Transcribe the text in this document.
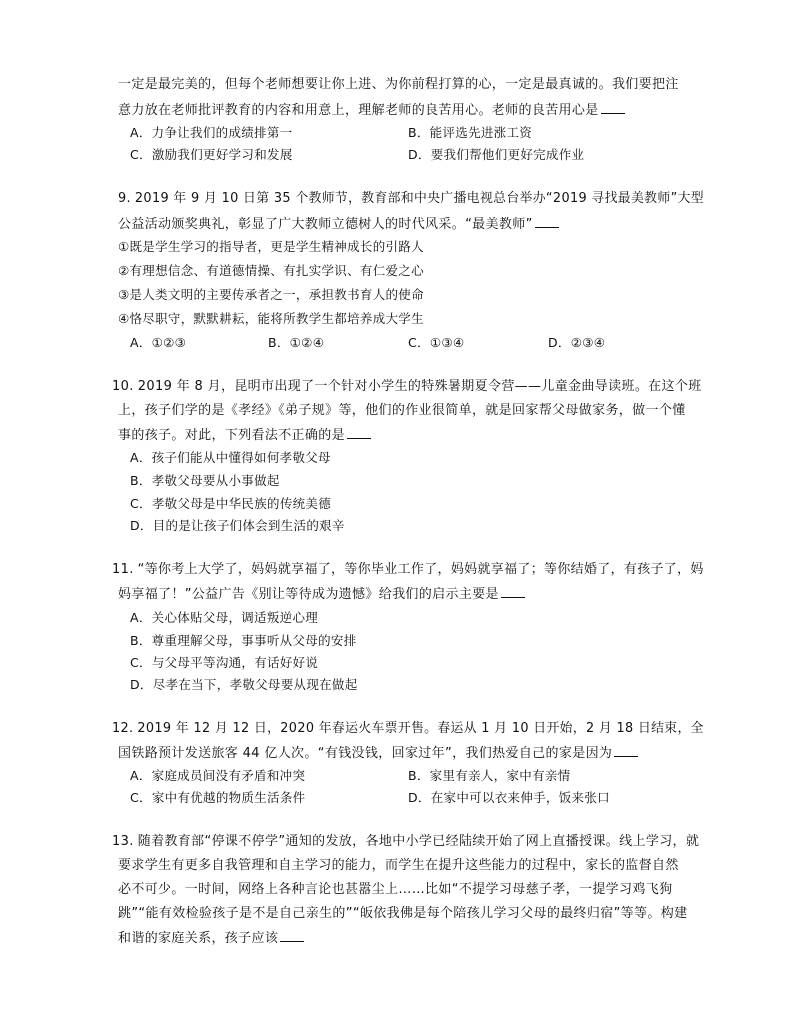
一定是最完美的，但每个老师想要让你上进、为你前程打算的心，一定是最真诚的。我们要把注
意力放在老师批评教育的内容和用意上，理解老师的良苦用心。老师的良苦用心是
A．力争让我们的成绩排第一	B．能评选先进涨工资
C．激励我们更好学习和发展	D．要我们帮他们更好完成作业
9. 2019 年 9 月 10 日第 35 个教师节，教育部和中央广播电视总台举办“2019 寻找最美教师”大型
公益活动颁奖典礼，彰显了广大教师立德树人的时代风采。“最美教师”
①既是学生学习的指导者，更是学生精神成长的引路人
②有理想信念、有道德情操、有扎实学识、有仁爱之心
③是人类文明的主要传承者之一，承担教书育人的使命
④恪尽职守，默默耕耘，能将所教学生都培养成大学生
A．①②③	B．①②④	C．①③④	D．②③④
10. 2019 年 8 月，昆明市出现了一个针对小学生的特殊暑期夏令营——儿童金曲导读班。在这个班
上，孩子们学的是《孝经》《弟子规》等，他们的作业很简单，就是回家帮父母做家务，做一个懂
事的孩子。对此，下列看法不正确的是
A．孩子们能从中懂得如何孝敬父母
B．孝敬父母要从小事做起
C．孝敬父母是中华民族的传统美德
D．目的是让孩子们体会到生活的艰辛
11. “等你考上大学了，妈妈就享福了，等你毕业工作了，妈妈就享福了；等你结婚了，有孩子了，妈
妈享福了！”公益广告《别让等待成为遗憾》给我们的启示主要是
A．关心体贴父母，调适叛逆心理
B．尊重理解父母，事事听从父母的安排
C．与父母平等沟通，有话好好说
D．尽孝在当下，孝敬父母要从现在做起
12. 2019 年 12 月 12 日，2020 年春运火车票开售。春运从 1 月 10 日开始，2 月 18 日结束，全
国铁路预计发送旅客 44 亿人次。“有钱没钱，回家过年”，我们热爱自己的家是因为
A．家庭成员间没有矛盾和冲突	B．家里有亲人，家中有亲情
C．家中有优越的物质生活条件	D．在家中可以衣来伸手，饭来张口
13. 随着教育部“停课不停学”通知的发放，各地中小学已经陆续开始了网上直播授课。线上学习，就
要求学生有更多自我管理和自主学习的能力，而学生在提升这些能力的过程中，家长的监督自然
必不可少。一时间，网络上各种言论也甚嚣尘上……比如“不提学习母慈子孝，一提学习鸡飞狗
跳”“能有效检验孩子是不是自己亲生的”“皈依我佛是每个陪孩儿学习父母的最终归宿”等等。构建
和谐的家庭关系，孩子应该
